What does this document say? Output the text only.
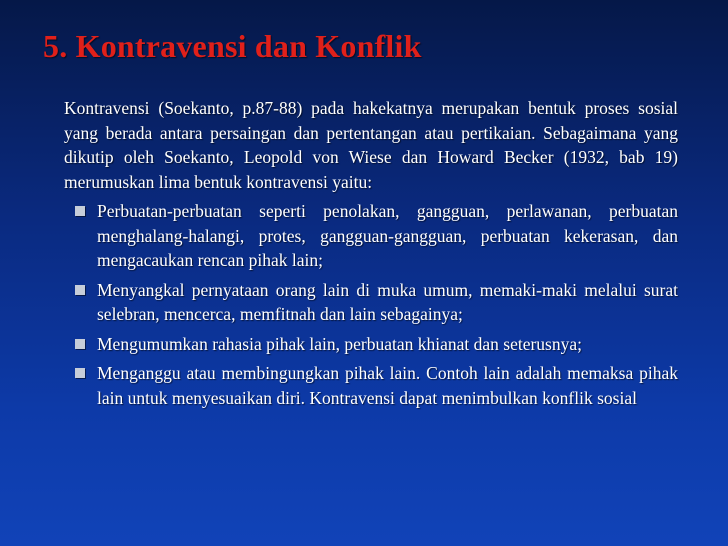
5. Kontravensi dan Konflik

Kontravensi (Soekanto, p.87-88) pada hakekatnya merupakan bentuk proses sosial yang berada antara persaingan dan pertentangan atau pertikaian. Sebagaimana yang dikutip oleh Soekanto, Leopold von Wiese dan Howard Becker (1932, bab 19) merumuskan lima bentuk kontravensi yaitu:

Perbuatan-perbuatan seperti penolakan, gangguan, perlawanan, perbuatan menghalang-halangi, protes, gangguan-gangguan, perbuatan kekerasan, dan mengacaukan rencan pihak lain;
Menyangkal pernyataan orang lain di muka umum, memaki-maki melalui surat selebran, mencerca, memfitnah dan lain sebagainya;
Mengumumkan rahasia pihak lain, perbuatan khianat dan seterusnya;
Menganggu atau membingungkan pihak lain. Contoh lain adalah memaksa pihak lain untuk menyesuaikan diri. Kontravensi dapat menimbulkan konflik sosial
